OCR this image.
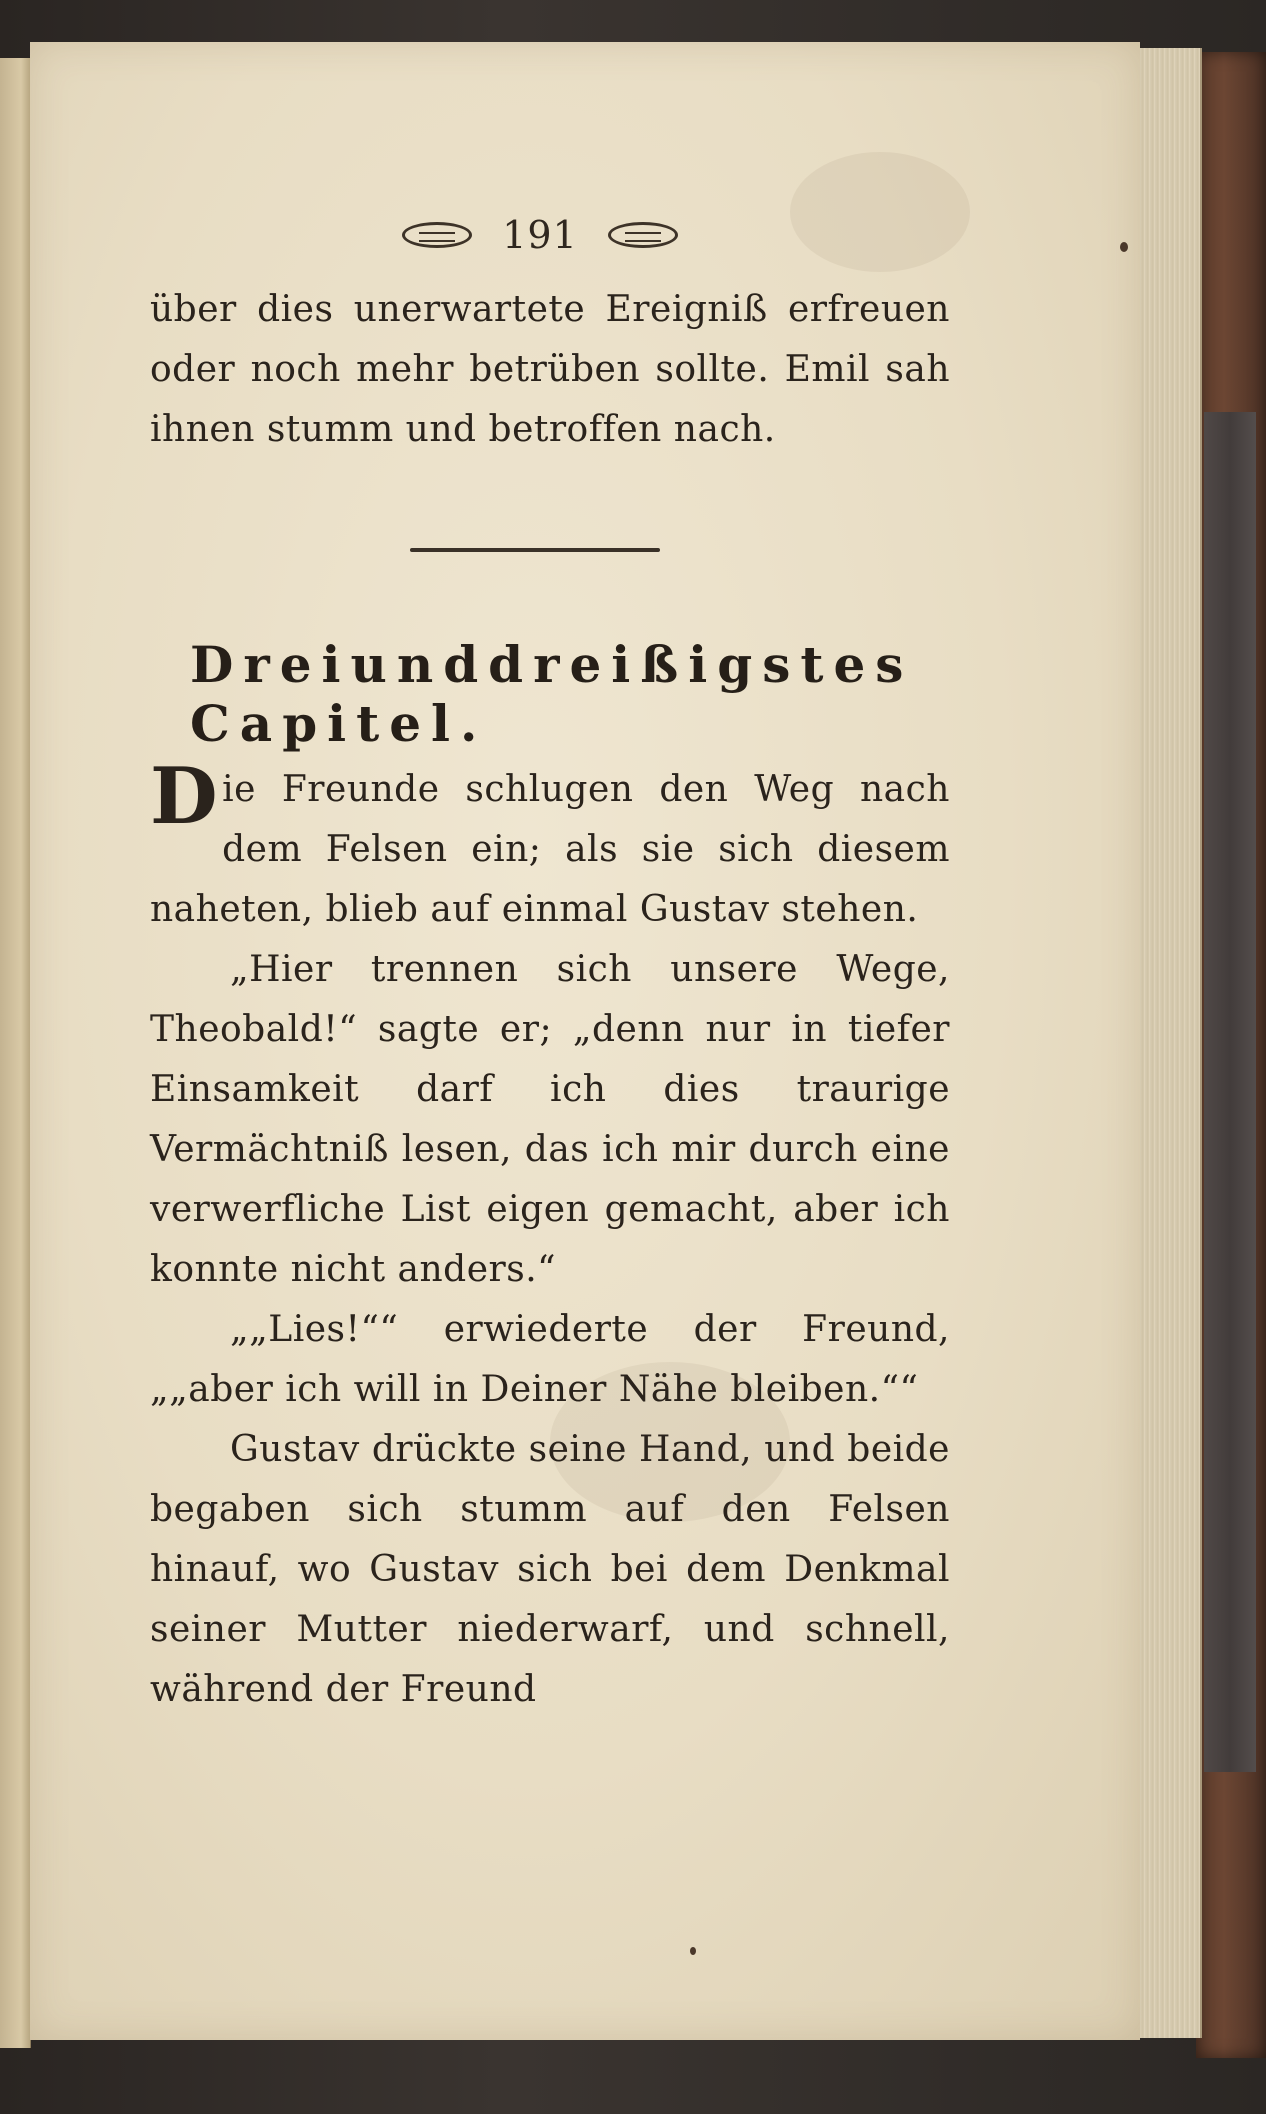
191

über dies unerwartete Ereigniß erfreuen oder noch mehr betrüben sollte. Emil sah ihnen stumm und betroffen nach.

Dreiunddreißigstes Capitel.

Die Freunde schlugen den Weg nach dem Felsen ein; als sie sich diesem naheten, blieb auf einmal Gustav stehen.

„Hier trennen sich unsere Wege, Theobald!“ sagte er; „denn nur in tiefer Einsamkeit darf ich dies traurige Vermächtniß lesen, das ich mir durch eine verwerfliche List eigen gemacht, aber ich konnte nicht anders.“

„„Lies!““ erwiederte der Freund, „„aber ich will in Deiner Nähe bleiben.““

Gustav drückte seine Hand, und beide begaben sich stumm auf den Felsen hinauf, wo Gustav sich bei dem Denkmal seiner Mutter niederwarf, und schnell, während der Freund
